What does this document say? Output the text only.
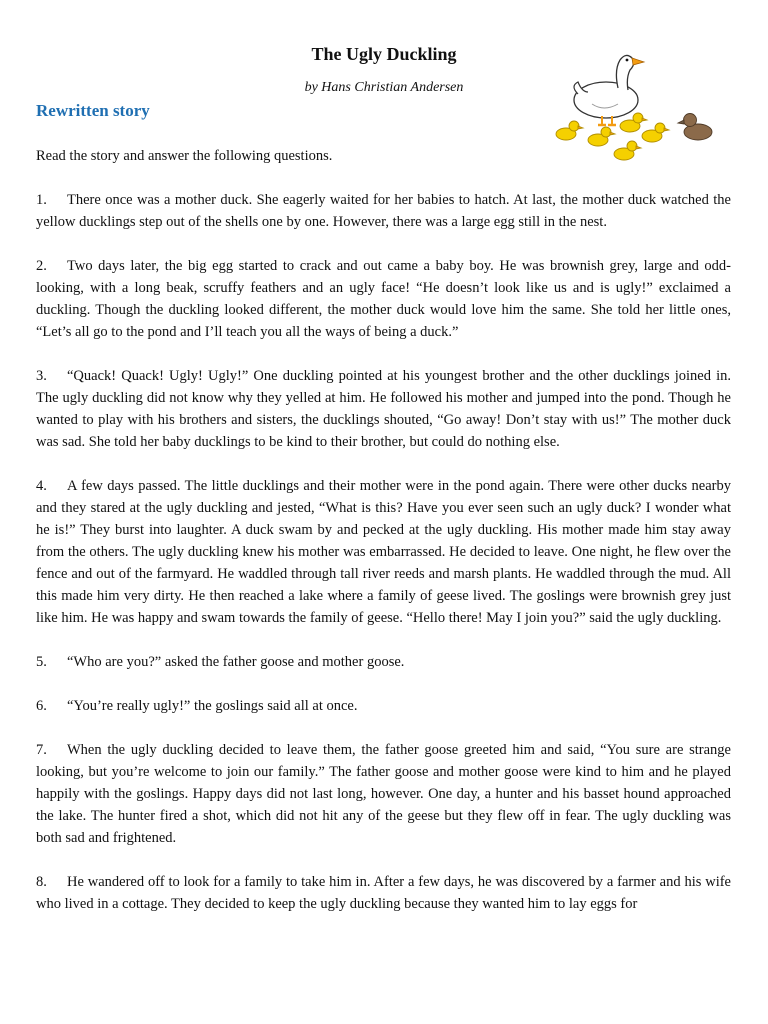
The Ugly Duckling
by Hans Christian Andersen
Rewritten story

Read the story and answer the following questions.

1. There once was a mother duck. She eagerly waited for her babies to hatch. At last, the mother duck watched the yellow ducklings step out of the shells one by one. However, there was a large egg still in the nest.

2. Two days later, the big egg started to crack and out came a baby boy. He was brownish grey, large and odd-looking, with a long beak, scruffy feathers and an ugly face! “He doesn’t look like us and is ugly!” exclaimed a duckling. Though the duckling looked different, the mother duck would love him the same. She told her little ones, “Let’s all go to the pond and I’ll teach you all the ways of being a duck.”

3. “Quack! Quack! Ugly! Ugly!” One duckling pointed at his youngest brother and the other ducklings joined in. The ugly duckling did not know why they yelled at him. He followed his mother and jumped into the pond. Though he wanted to play with his brothers and sisters, the ducklings shouted, “Go away! Don’t stay with us!” The mother duck was sad. She told her baby ducklings to be kind to their brother, but could do nothing else.

4. A few days passed. The little ducklings and their mother were in the pond again. There were other ducks nearby and they stared at the ugly duckling and jested, “What is this? Have you ever seen such an ugly duck? I wonder what he is!” They burst into laughter. A duck swam by and pecked at the ugly duckling. His mother made him stay away from the others. The ugly duckling knew his mother was embarrassed. He decided to leave. One night, he flew over the fence and out of the farmyard. He waddled through tall river reeds and marsh plants. He waddled through the mud. All this made him very dirty. He then reached a lake where a family of geese lived. The goslings were brownish grey just like him. He was happy and swam towards the family of geese. “Hello there! May I join you?” said the ugly duckling.

5. “Who are you?” asked the father goose and mother goose.

6. “You’re really ugly!” the goslings said all at once.

7. When the ugly duckling decided to leave them, the father goose greeted him and said, “You sure are strange looking, but you’re welcome to join our family.” The father goose and mother goose were kind to him and he played happily with the goslings. Happy days did not last long, however. One day, a hunter and his basset hound approached the lake. The hunter fired a shot, which did not hit any of the geese but they flew off in fear. The ugly duckling was both sad and frightened.

8. He wandered off to look for a family to take him in. After a few days, he was discovered by a farmer and his wife who lived in a cottage. They decided to keep the ugly duckling because they wanted him to lay eggs for
